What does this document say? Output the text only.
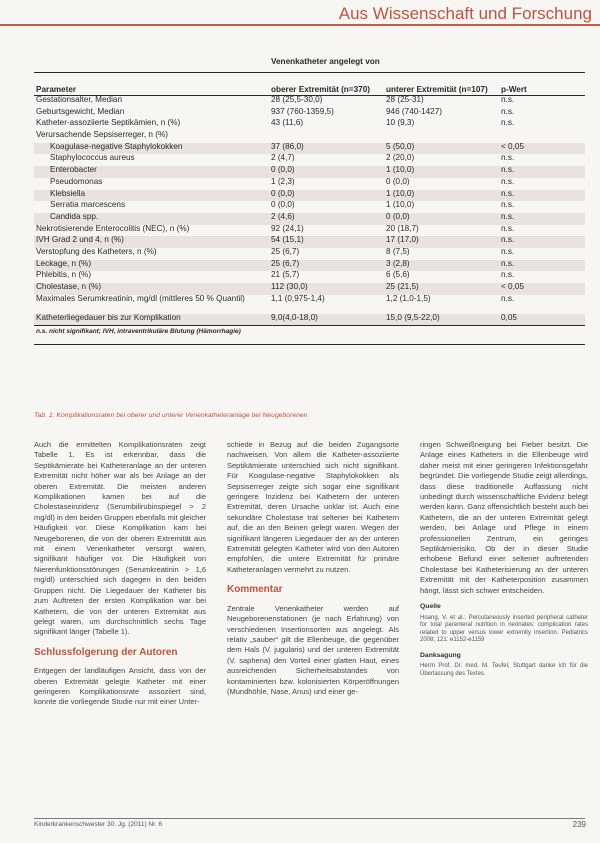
Aus Wissenschaft und Forschung
	Venenkatheter angelegt von		
Parameter	oberer Extremität (n=370)	unterer Extremität (n=107)	p-Wert
Gestationsalter, Median	28 (25,5-30,0)	28 (25-31)	n.s.
Geburtsgewicht, Median	937 (760-1359,5)	946 (740-1427)	n.s.
Katheter-assoziierte Septikämien, n (%)	43 (11,6)	10 (9,3)	n.s.
Verursachende Sepsiserreger, n (%)			
Koagulase-negative Staphylokokken	37 (86,0)	5 (50,0)	< 0,05
Staphylococcus aureus	2 (4,7)	2 (20,0)	n.s.
Enterobacter	0 (0,0)	1 (10,0)	n.s.
Pseudomonas	1 (2,3)	0 (0,0)	n.s.
Klebsiella	0 (0,0)	1 (10,0)	n.s.
Serratia marcescens	0 (0,0)	1 (10,0)	n.s.
Candida spp.	2 (4,6)	0 (0,0)	n.s.
Nekrotisierende Enterocolitis (NEC), n (%)	92 (24,1)	20 (18,7)	n.s.
IVH Grad 2 und 4, n (%)	54 (15,1)	17 (17,0)	n.s.
Verstopfung des Katheters, n (%)	25 (6,7)	8 (7,5)	n.s.
Leckage, n (%)	25 (6,7)	3 (2,8)	n.s.
Phlebitis, n (%)	21 (5,7)	6 (5,6)	n.s.
Cholestase, n (%)	112 (30,0)	25 (21,5)	< 0,05
Maximales Serumkreatinin, mg/dl (mittleres 50 % Quantil)	1,1 (0,975-1,4)	1,2 (1,0-1,5)	n.s.
Katheterliegedauer bis zur Komplikation	9,0(4,0-18,0)	15,0 (9,5-22,0)	0,05
n.s. nicht signifikant; IVH, intraventrikuläre Blutung (Hämorrhagie)			

Tab. 1: Komplikationsraten bei oberer und unterer Venenkatheteranlage bei Neugeborenen

Auch die ermittelten Komplikationsraten zeigt Tabelle 1. Es ist erkennbar, dass die Septikämierate bei Katheteranlage an der unteren Extremität nicht höher war als bei Anlage an der oberen Extremität. Die meisten anderen Komplikationen kamen bei auf die Cholestaseinzidenz (Serumbilirubinspiegel > 2 mg/dl) in den beiden Gruppen ebenfalls mit gleicher Häufigkeit vor. Diese Komplikation kam bei Neugeborenen, die von der oberen Extremität aus mit einem Venenkatheter versorgt waren, signifikant häufiger vor. Die Häufigkeit von Nierenfunktionsstörungen (Serumkreatinin > 1,6 mg/dl) unterschied sich dagegen in den beiden Gruppen nicht. Die Liegedauer der Katheter bis zum Auftreten der ersten Komplikation war bei Kathetern, die von der unteren Extremität aus gelegt waren, um durchschnittlich sechs Tage signifikant länger (Tabelle 1).

Schlussfolgerung der Autoren

Entgegen der landläufigen Ansicht, dass von der oberen Extremität gelegte Katheter mit einer geringeren Komplikationsrate assoziiert sind, konnte die vorliegende Studie nur mit einer Unter-

schiede in Bezug auf die beiden Zugangsorte nachweisen. Von allem die Katheter-assoziierte Septikämierate unterschied sich nicht signifikant. Für Koagulase-negative Staphylokokken als Sepsiserreger zeigte sich sogar eine signifikant geringere Inzidenz bei Kathetern der unteren Extremität, deren Ursache unklar ist. Auch eine sekundäre Cholestase trat seltener bei Kathetern auf, die an den Beinen gelegt waren. Wegen der signifikant längeren Liegedauer der an der unteren Extremität gelegten Katheter wird von den Autoren empfohlen, die untere Extremität für primäre Katheteranlagen vermehrt zu nutzen.

Kommentar

Zentrale Venenkatheter werden auf Neugeborenenstationen (je nach Erfahrung) von verschiedenen Insertionsorten aus angelegt. Als relativ „sauber“ gilt die Ellenbeuge, die gegenüber dem Hals (V. jugularis) und der unteren Extremität (V. saphena) den Vorteil einer glatten Haut, eines ausreichenden Sicherheitsabstandes von kontaminierten bzw. kolonisierten Körperöffnungen (Mundhöhle, Nase, Anus) und einer ge-

ringen Schweißneigung bei Fieber besitzt. Die Anlage eines Katheters in die Ellenbeuge wird daher meist mit einer geringeren Infektionsgefahr begründet. Die vorliegende Studie zeigt allerdings, dass diese traditionelle Auffassung nicht unbedingt durch wissenschaftliche Evidenz belegt werden kann. Ganz offensichtlich besteht auch bei Kathetern, die an der unteren Extremität gelegt werden, bei Anlage und Pflege in einem professionellen Zentrum, ein geringes Septikämierisiko. Ob der in dieser Studie erhobene Befund einer seltener auftretenden Cholestase bei Katheterisierung an der unteren Extremität mit der Katheterposition zusammen hängt, lässt sich schwer entscheiden.

Quelle

Hoang, V. et al.: Percutaneously inserted peripheral catheter for total parenteral nutrition in neonates: complication rates related to upper versus lower extremity insertion. Pediatrics 2008; 121: e1152-e1159

Danksagung

Herrn Prof. Dr. med. M. Teufel, Stuttgart danke ich für die Überlassung des Textes.

Kinderkrankenschwester 30. Jg. (2011) Nr. 6	239
